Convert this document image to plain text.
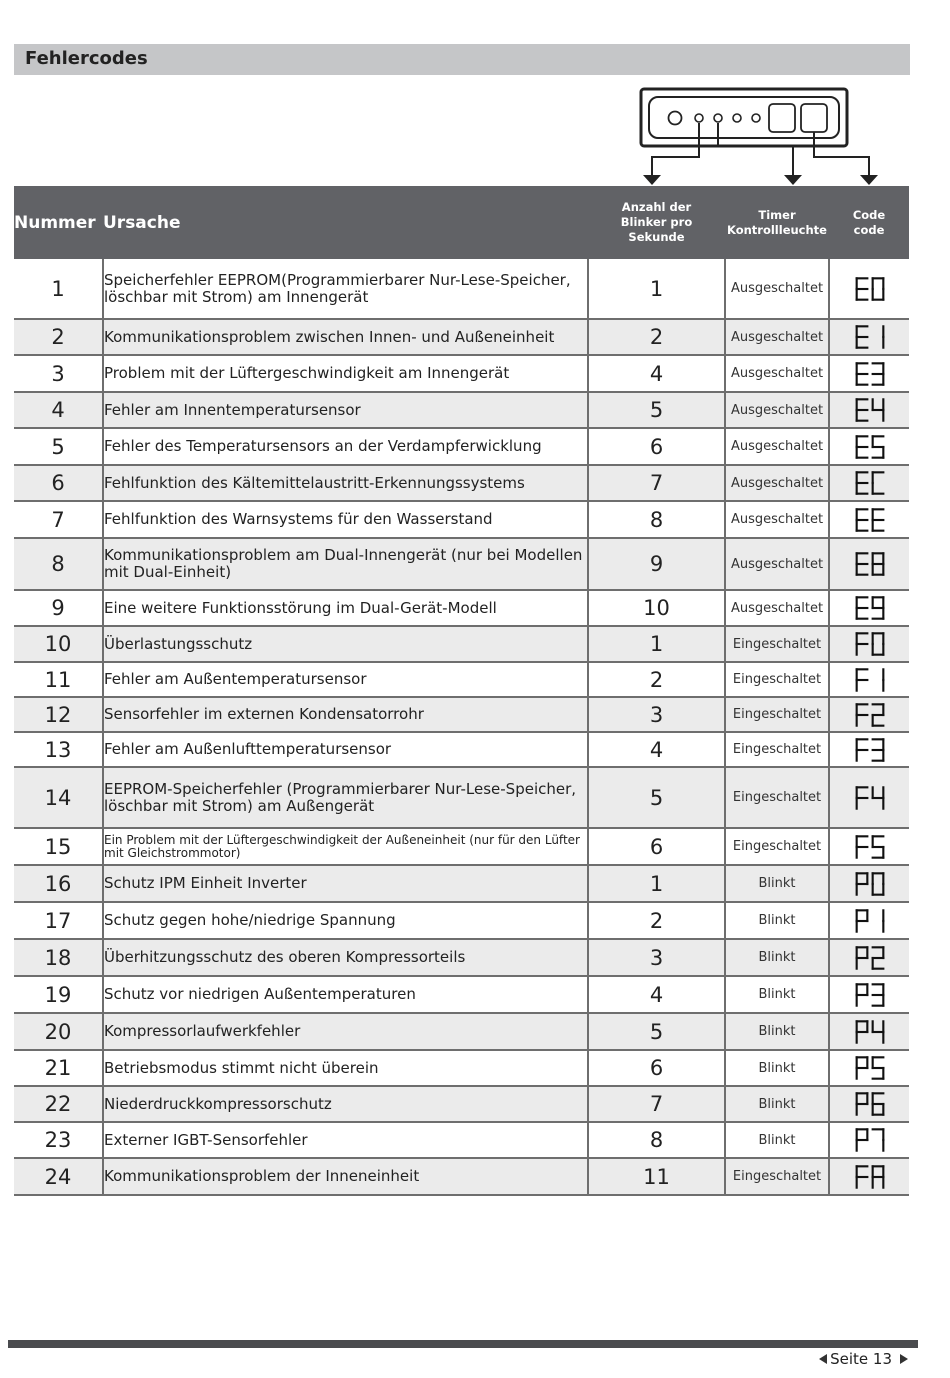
Fehlercodes
Nummer	Ursache	Anzahl der Blinker pro Sekunde	Timer Kontrollleuchte	Code code

1	Speicherfehler EEPROM(Programmierbarer Nur-Lese-Speicher, löschbar mit Strom) am Innengerät	1	Ausgeschaltet	E0

2	Kommunikationsproblem zwischen Innen- und Außeneinheit	2	Ausgeschaltet	E1

3	Problem mit der Lüftergeschwindigkeit am Innengerät	4	Ausgeschaltet	E3

4	Fehler am Innentemperatursensor	5	Ausgeschaltet	E4

5	Fehler des Temperatursensors an der Verdampferwicklung	6	Ausgeschaltet	E5

6	Fehlfunktion des Kältemittelaustritt-Erkennungssystems	7	Ausgeschaltet	EC

7	Fehlfunktion des Warnsystems für den Wasserstand	8	Ausgeschaltet	EE

8	Kommunikationsproblem am Dual-Innengerät (nur bei Modellen mit Dual-Einheit)	9	Ausgeschaltet	E8

9	Eine weitere Funktionsstörung im Dual-Gerät-Modell	10	Ausgeschaltet	E9

10	Überlastungsschutz	1	Eingeschaltet	F0

11	Fehler am Außentemperatursensor	2	Eingeschaltet	F1

12	Sensorfehler im externen Kondensatorrohr	3	Eingeschaltet	F2

13	Fehler am Außenlufttemperatursensor	4	Eingeschaltet	F3

14	EEPROM-Speicherfehler (Programmierbarer Nur-Lese-Speicher, löschbar mit Strom) am Außengerät	5	Eingeschaltet	F4

15	Ein Problem mit der Lüftergeschwindigkeit der Außeneinheit (nur für den Lüfter mit Gleichstrommotor)	6	Eingeschaltet	F5

16	Schutz IPM Einheit Inverter	1	Blinkt	P0

17	Schutz gegen hohe/niedrige Spannung	2	Blinkt	P1

18	Überhitzungsschutz des oberen Kompressorteils	3	Blinkt	P2

19	Schutz vor niedrigen Außentemperaturen	4	Blinkt	P3

20	Kompressorlaufwerkfehler	5	Blinkt	P4

21	Betriebsmodus stimmt nicht überein	6	Blinkt	P5

22	Niederdruckkompressorschutz	7	Blinkt	P6

23	Externer IGBT-Sensorfehler	8	Blinkt	P7

24	Kommunikationsproblem der Inneneinheit	11	Eingeschaltet	FA
Seite 13
